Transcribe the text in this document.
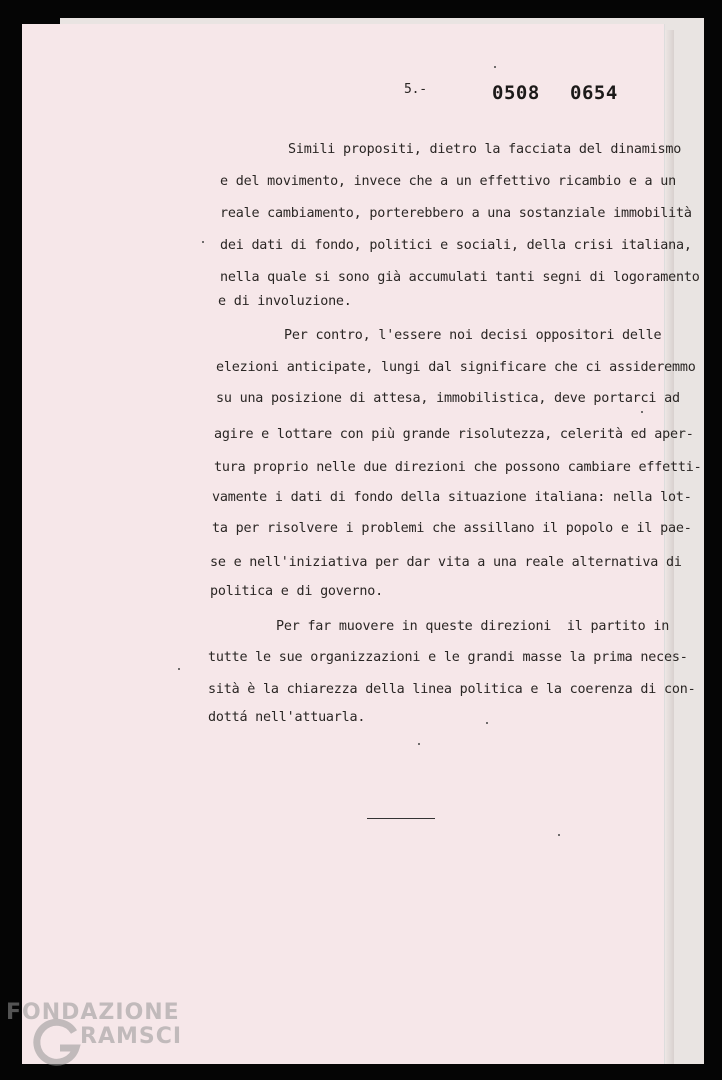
5.-	0508 0654
Simili propositi, dietro la facciata del dinamismo
e del movimento, invece che a un effettivo ricambio e a un
reale cambiamento, porterebbero a una sostanziale immobilità
dei dati di fondo, politici e sociali, della crisi italiana,
nella quale si sono già accumulati tanti segni di logoramento
e di involuzione.
Per contro, l'essere noi decisi oppositori delle
elezioni anticipate, lungi dal significare che ci assideremmo
su una posizione di attesa, immobilistica, deve portarci ad
agire e lottare con più grande risolutezza, celerità ed aper-
tura proprio nelle due direzioni che possono cambiare effetti-
vamente i dati di fondo della situazione italiana: nella lot-
ta per risolvere i problemi che assillano il popolo e il pae-
se e nell'iniziativa per dar vita a una reale alternativa di
politica e di governo.
Per far muovere in queste direzioni  il partito in
tutte le sue organizzazioni e le grandi masse la prima neces-
sità è la chiarezza della linea politica e la coerenza di con-
dottá nell'attuarla.
FONDAZIONE
RAMSCI
